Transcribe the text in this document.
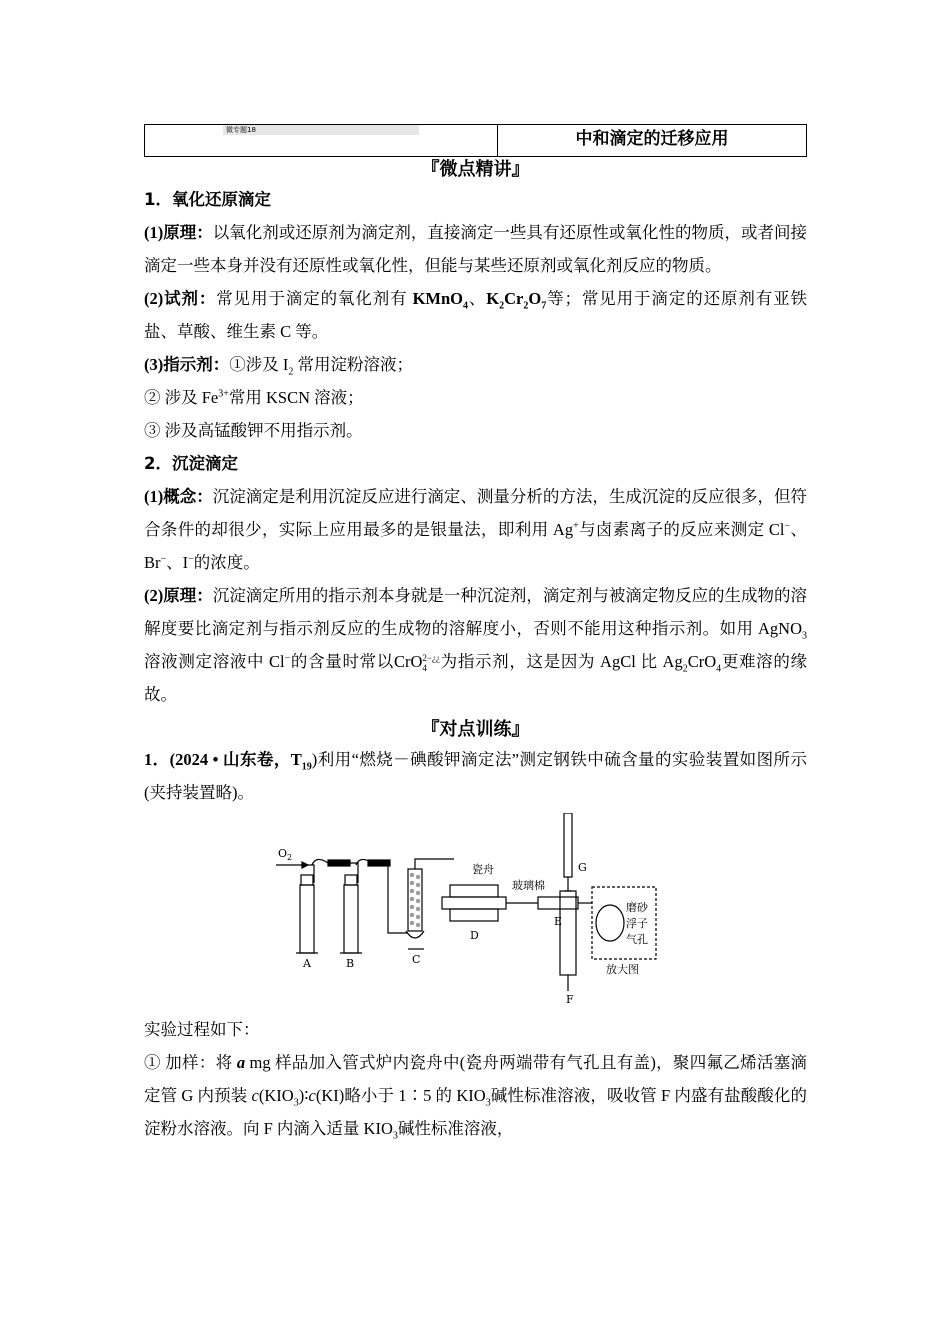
微专题18	中和滴定的迁移应用
『微点精讲』
1．氧化还原滴定

(1)原理：以氧化剂或还原剂为滴定剂，直接滴定一些具有还原性或氧化性的物质，或者间接滴定一些本身并没有还原性或氧化性，但能与某些还原剂或氧化剂反应的物质。

(2)试剂：常见用于滴定的氧化剂有 KMnO$_4$、$K_2Cr_2O_7$等；常见用于滴定的还原剂有亚铁盐、草酸、维生素 C 等。

(3)指示剂：①涉及 $I_2$ 常用淀粉溶液；

② 涉及 $Fe^{3+}$常用 KSCN 溶液；

③ 涉及高锰酸钾不用指示剂。

2．沉淀滴定

(1)概念：沉淀滴定是利用沉淀反应进行滴定、测量分析的方法，生成沉淀的反应很多，但符合条件的却很少，实际上应用最多的是银量法，即利用 Ag+与卤素离子的反应来测定 Cl−、Br−、I−的浓度。

(2)原理：沉淀滴定所用的指示剂本身就是一种沉淀剂，滴定剂与被滴定物反应的生成物的溶解度要比滴定剂与指示剂反应的生成物的溶解度小，否则不能用这种指示剂。如用 AgNO$_3$溶液测定溶液中 Cl−的含量时常以CrO 2−¿¿
4 为指示剂，这是因为 AgCl 比 $Ag_2CrO_4$更难溶的缘故。

『对点训练』

1．(2024 • 山东卷，$T_{19}$)利用“燃烧－碘酸钾滴定法”测定钢铁中硫含量的实验装置如图所示(夹持装置略)。

$O_2$
瓷舟
玻璃棉
A	B	C
D
E
F
G
磨砂
浮子
气孔
放大图

实验过程如下：

① 加样：将 a mg 样品加入管式炉内瓷舟中(瓷舟两端带有气孔且有盖)，聚四氟乙烯活塞滴定管 G 内预装 $c(KIO_3)∶c(KI)$略小于 1∶5 的 $KIO_3$碱性标准溶液，吸收管 F 内盛有盐酸酸化的淀粉水溶液。向 F 内滴入适量 $KIO_3$碱性标准溶液，
